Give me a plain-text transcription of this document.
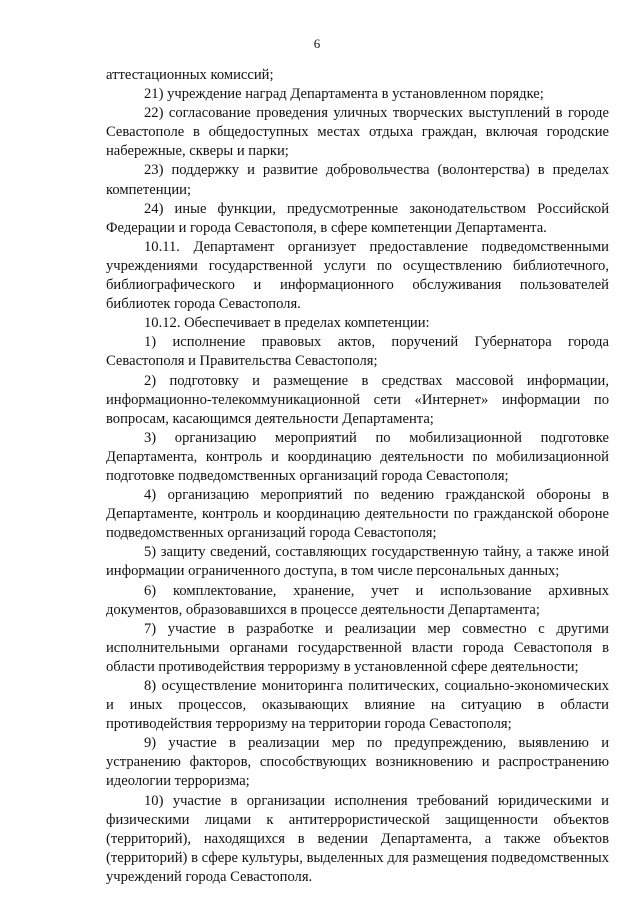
6

аттестационных комиссий;

21) учреждение наград Департамента в установленном порядке;

22) согласование проведения уличных творческих выступлений в городе Севастополе в общедоступных местах отдыха граждан, включая городские набережные, скверы и парки;

23) поддержку и развитие добровольчества (волонтерства) в пределах компетенции;

24) иные функции, предусмотренные законодательством Российской Федерации и города Севастополя, в сфере компетенции Департамента.

10.11. Департамент организует предоставление подведомственными учреждениями государственной услуги по осуществлению библиотечного, библиографического и информационного обслуживания пользователей библиотек города Севастополя.

10.12. Обеспечивает в пределах компетенции:

1) исполнение правовых актов, поручений Губернатора города Севастополя и Правительства Севастополя;

2) подготовку и размещение в средствах массовой информации, информационно-телекоммуникационной сети «Интернет» информации по вопросам, касающимся деятельности Департамента;

3) организацию мероприятий по мобилизационной подготовке Департамента, контроль и координацию деятельности по мобилизационной подготовке подведомственных организаций города Севастополя;

4) организацию мероприятий по ведению гражданской обороны в Департаменте, контроль и координацию деятельности по гражданской обороне подведомственных организаций города Севастополя;

5) защиту сведений, составляющих государственную тайну, а также иной информации ограниченного доступа, в том числе персональных данных;

6) комплектование, хранение, учет и использование архивных документов, образовавшихся в процессе деятельности Департамента;

7) участие в разработке и реализации мер совместно с другими исполнительными органами государственной власти города Севастополя в области противодействия терроризму в установленной сфере деятельности;

8) осуществление мониторинга политических, социально-экономических и иных процессов, оказывающих влияние на ситуацию в области противодействия терроризму на территории города Севастополя;

9) участие в реализации мер по предупреждению, выявлению и устранению факторов, способствующих возникновению и распространению идеологии терроризма;

10) участие в организации исполнения требований юридическими и физическими лицами к антитеррористической защищенности объектов (территорий), находящихся в ведении Департамента, а также объектов (территорий) в сфере культуры, выделенных для размещения подведомственных учреждений города Севастополя.
